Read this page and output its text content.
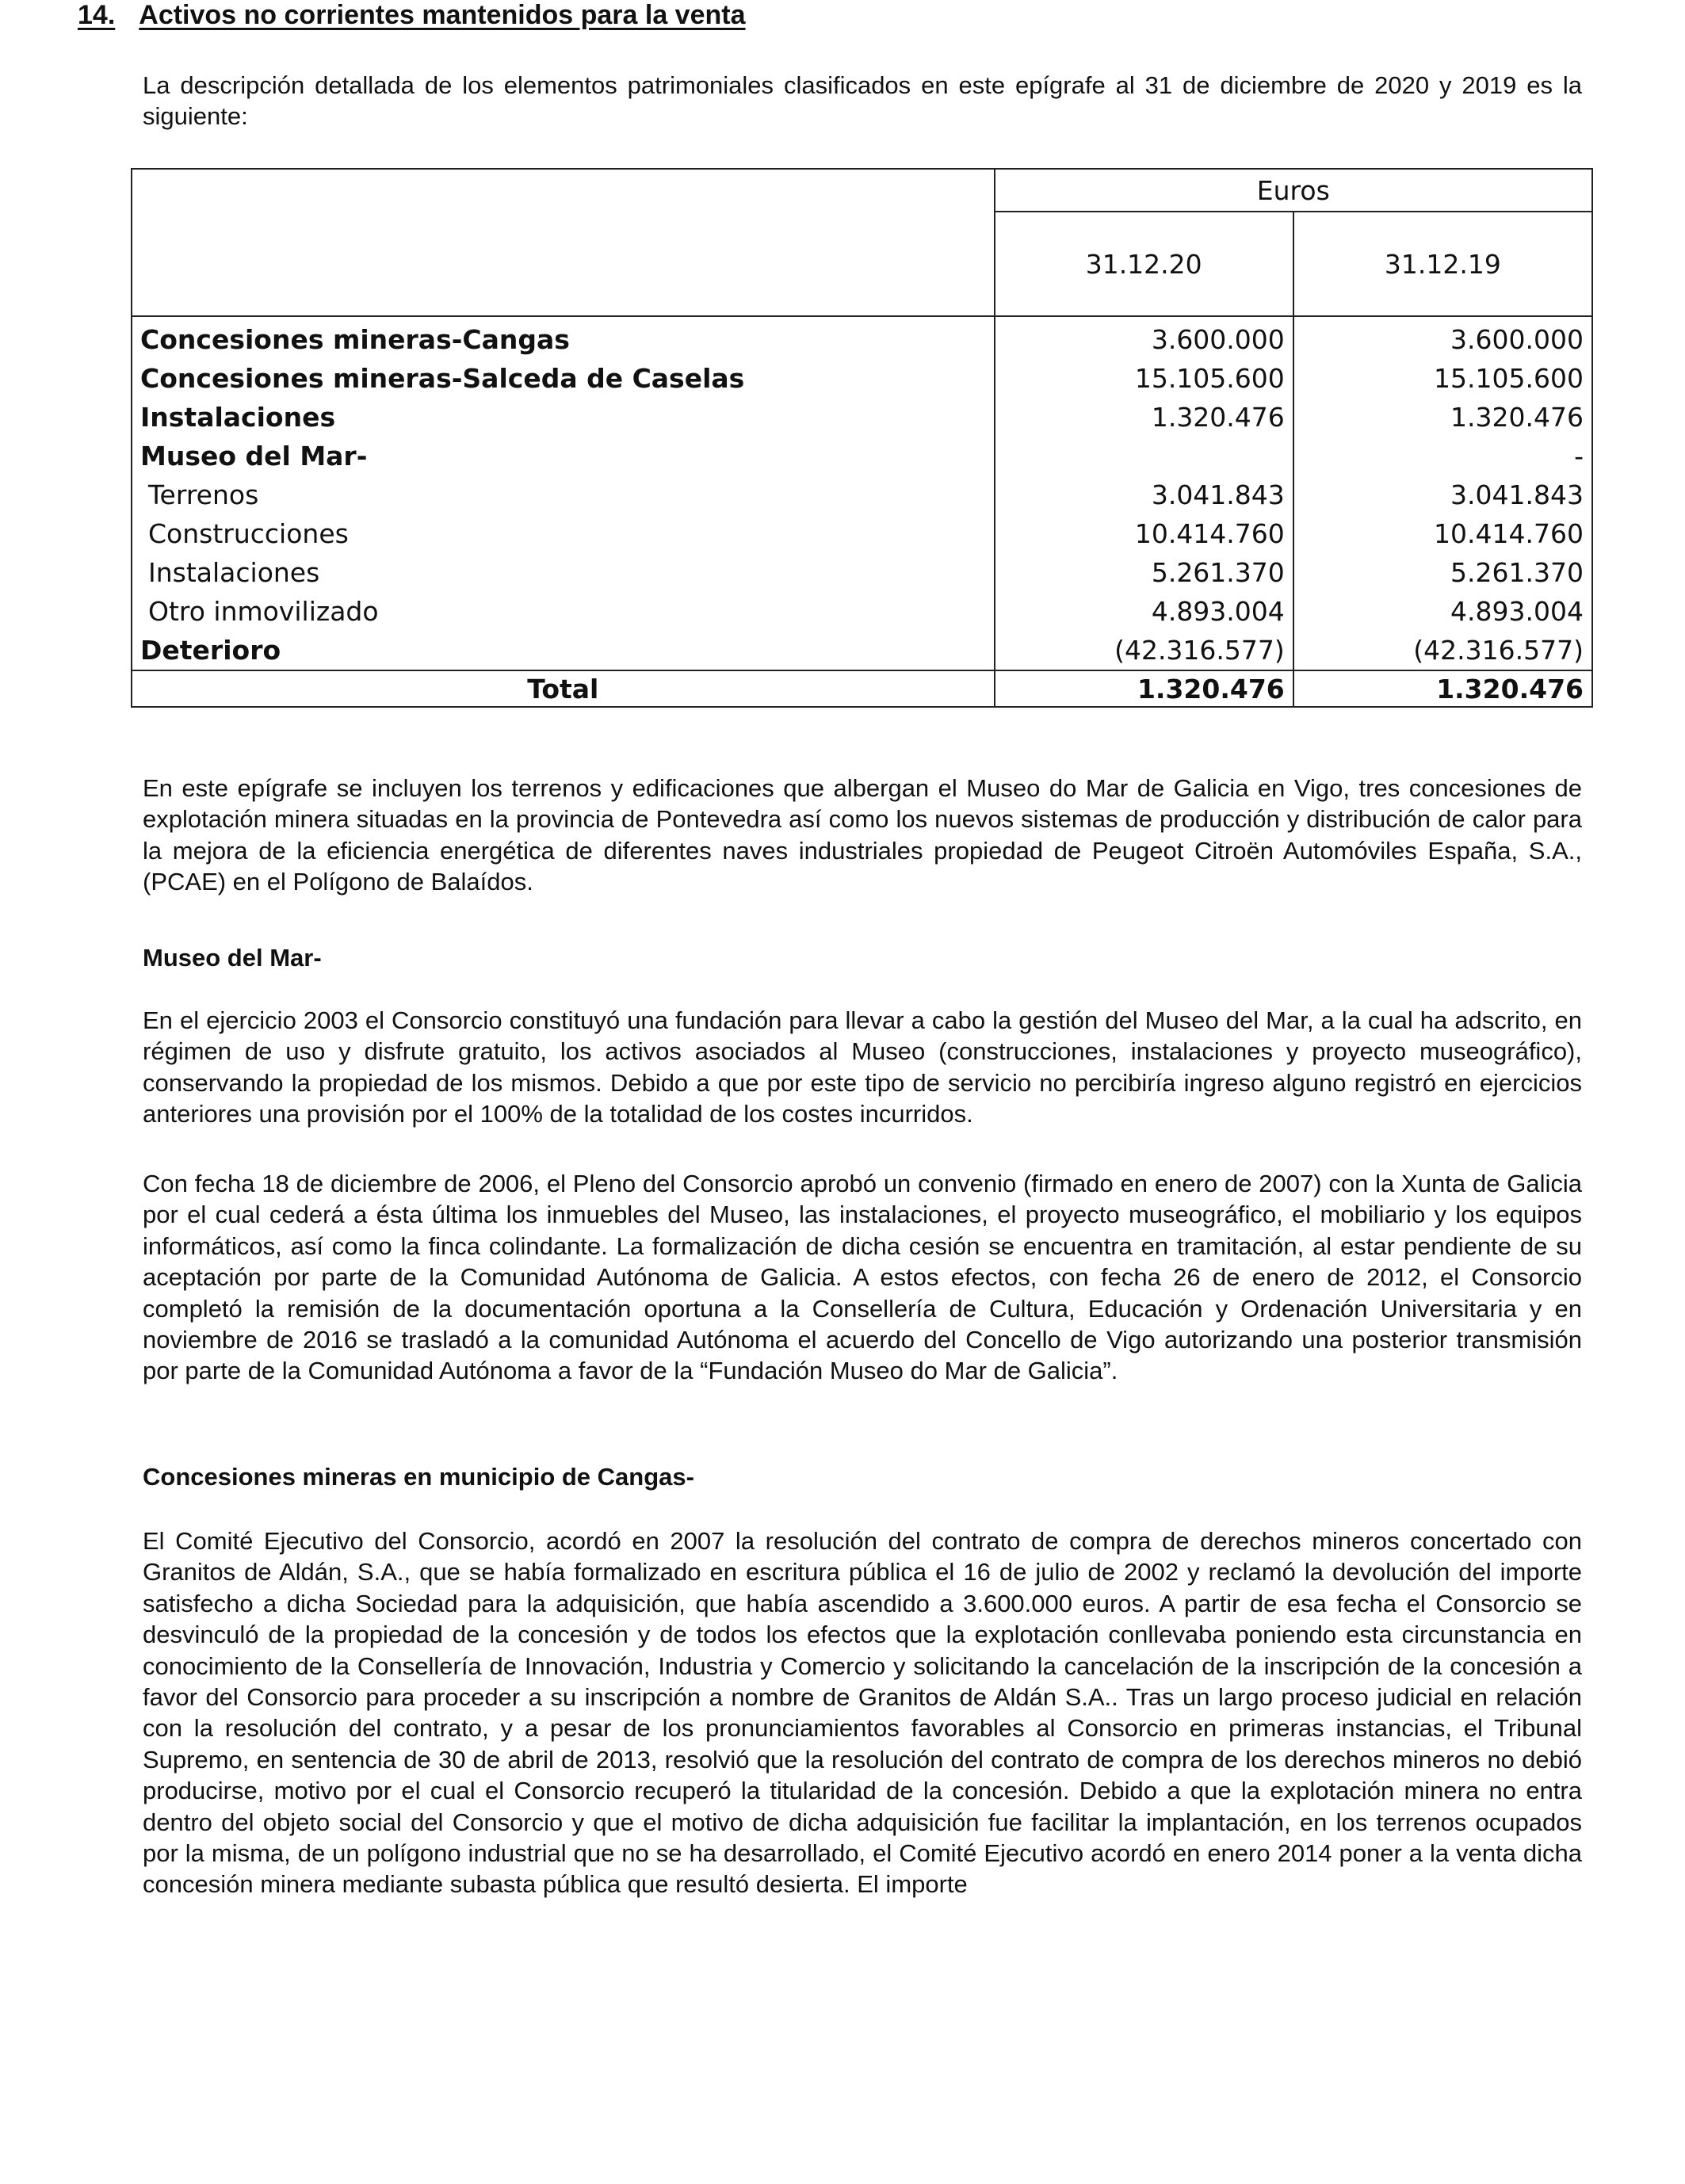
14. Activos no corrientes mantenidos para la venta
La descripción detallada de los elementos patrimoniales clasificados en este epígrafe al 31 de diciembre de 2020 y 2019 es la siguiente:
	Euros	
	31.12.20	31.12.19
Concesiones mineras-Cangas	3.600.000	3.600.000
Concesiones mineras-Salceda de Caselas	15.105.600	15.105.600
Instalaciones	1.320.476	1.320.476
Museo del Mar-		-
Terrenos	3.041.843	3.041.843
Construcciones	10.414.760	10.414.760
Instalaciones	5.261.370	5.261.370
Otro inmovilizado	4.893.004	4.893.004
Deterioro	(42.316.577)	(42.316.577)
Total	1.320.476	1.320.476
En este epígrafe se incluyen los terrenos y edificaciones que albergan el Museo do Mar de Galicia en Vigo, tres concesiones de explotación minera situadas en la provincia de Pontevedra así como los nuevos sistemas de producción y distribución de calor para la mejora de la eficiencia energética de diferentes naves industriales propiedad de Peugeot Citroën Automóviles España, S.A., (PCAE) en el Polígono de Balaídos.
Museo del Mar-
En el ejercicio 2003 el Consorcio constituyó una fundación para llevar a cabo la gestión del Museo del Mar, a la cual ha adscrito, en régimen de uso y disfrute gratuito, los activos asociados al Museo (construcciones, instalaciones y proyecto museográfico), conservando la propiedad de los mismos. Debido a que por este tipo de servicio no percibiría ingreso alguno registró en ejercicios anteriores una provisión por el 100% de la totalidad de los costes incurridos.
Con fecha 18 de diciembre de 2006, el Pleno del Consorcio aprobó un convenio (firmado en enero de 2007) con la Xunta de Galicia por el cual cederá a ésta última los inmuebles del Museo, las instalaciones, el proyecto museográfico, el mobiliario y los equipos informáticos, así como la finca colindante. La formalización de dicha cesión se encuentra en tramitación, al estar pendiente de su aceptación por parte de la Comunidad Autónoma de Galicia. A estos efectos, con fecha 26 de enero de 2012, el Consorcio completó la remisión de la documentación oportuna a la Consellería de Cultura, Educación y Ordenación Universitaria y en noviembre de 2016 se trasladó a la comunidad Autónoma el acuerdo del Concello de Vigo autorizando una posterior transmisión por parte de la Comunidad Autónoma a favor de la “Fundación Museo do Mar de Galicia”.
Concesiones mineras en municipio de Cangas-
El Comité Ejecutivo del Consorcio, acordó en 2007 la resolución del contrato de compra de derechos mineros concertado con Granitos de Aldán, S.A., que se había formalizado en escritura pública el 16 de julio de 2002 y reclamó la devolución del importe satisfecho a dicha Sociedad para la adquisición, que había ascendido a 3.600.000 euros. A partir de esa fecha el Consorcio se desvinculó de la propiedad de la concesión y de todos los efectos que la explotación conllevaba poniendo esta circunstancia en conocimiento de la Consellería de Innovación, Industria y Comercio y solicitando la cancelación de la inscripción de la concesión a favor del Consorcio para proceder a su inscripción a nombre de Granitos de Aldán S.A.. Tras un largo proceso judicial en relación con la resolución del contrato, y a pesar de los pronunciamientos favorables al Consorcio en primeras instancias, el Tribunal Supremo, en sentencia de 30 de abril de 2013, resolvió que la resolución del contrato de compra de los derechos mineros no debió producirse, motivo por el cual el Consorcio recuperó la titularidad de la concesión. Debido a que la explotación minera no entra dentro del objeto social del Consorcio y que el motivo de dicha adquisición fue facilitar la implantación, en los terrenos ocupados por la misma, de un polígono industrial que no se ha desarrollado, el Comité Ejecutivo acordó en enero 2014 poner a la venta dicha concesión minera mediante subasta pública que resultó desierta. El importe
